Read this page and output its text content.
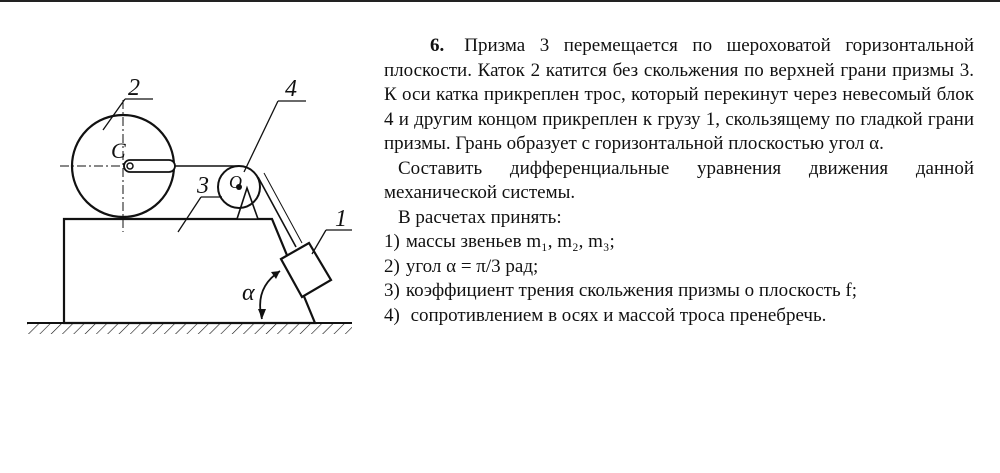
2	4
3
1
C
O
α

6. Призма 3 перемещается по шероховатой горизонтальной плоскости. Каток 2 катится без скольжения по верхней грани призмы 3. К оси катка прикреплен трос, который перекинут через невесомый блок 4 и другим концом прикреплен к грузу 1, скользящему по гладкой грани призмы. Грань образует с горизонтальной плоскостью угол α.

Составить дифференциальные уравнения движения данной механической системы.

В расчетах принять:

1) массы звеньев m₁, m₂, m₃;
2) угол α = π/3 рад;
3) коэффициент трения скольжения призмы о плоскость f;
4) сопротивлением в осях и массой троса пренебречь.
